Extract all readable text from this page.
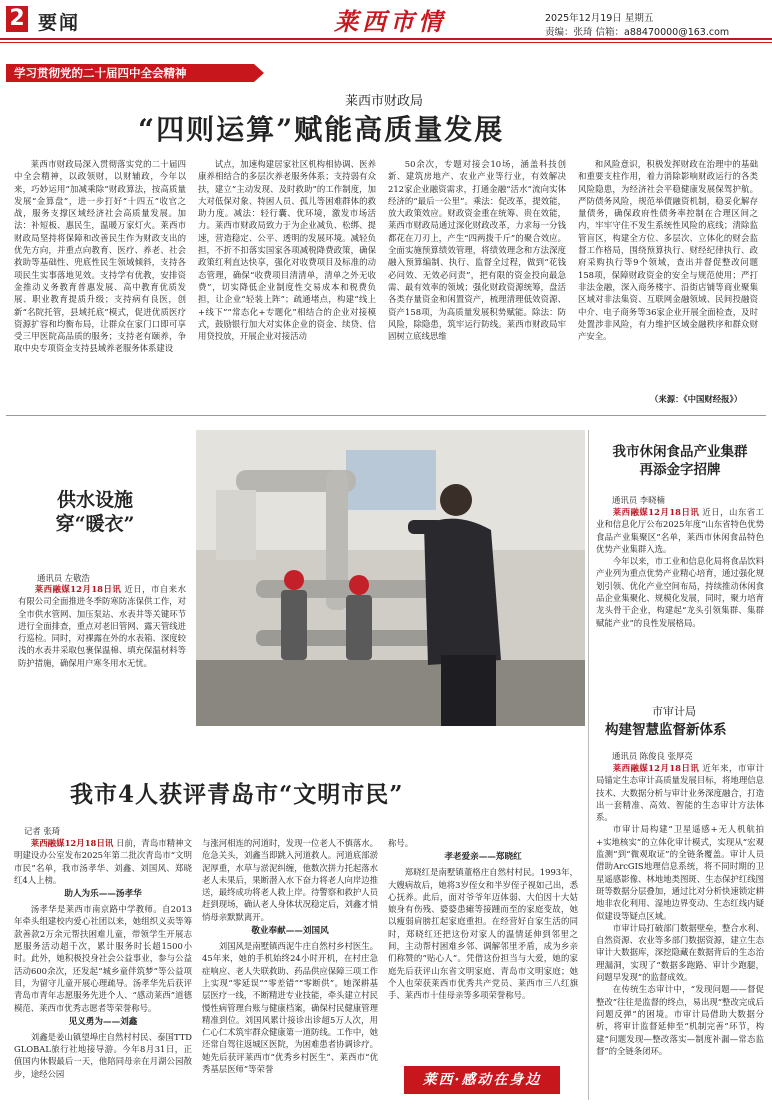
2 要闻	莱西市情	2025年12月19日 星期五
责编：张琦 信箱：a88470000@163.com
学习贯彻党的二十届四中全会精神
莱西市财政局
“四则运算”赋能高质量发展

莱西市财政局深入贯彻落实党的二十届四中全会精神，以政领财，以财辅政，今年以来，巧妙运用“加减乘除”财政算法，按高质量发展“金算盘”，进一步打好“十四五”收官之战，服务支撑区域经济社会高质量发展。加法：补短板、惠民生，温暖万家灯火。莱西市财政局坚持将保障和改善民生作为财政支出的优先方向，并重点向教育、医疗、养老、社会救助等基础性、兜底性民生领域倾斜，支持各项民生实事落地见效。支持学有优教，安排资金推动义务教育普惠发展、高中教育优质发展、职业教育提质升级；支持病有良医，创新“名院托管，县域托底”模式，促进优质医疗资源扩容和均衡布局，让群众在家门口即可享受三甲医院高品质的服务；支持老有颐养，争取中央专项资金支持县域养老服务体系建设

试点，加速构建居家社区机构相协调、医养康养相结合的多层次养老服务体系；支持弱有众扶，建立“主动发现、及时救助”的工作制度，加大对低保对象、特困人员、孤儿等困难群体的救助力度。减法：轻行囊、优环境，激发市场活力。莱西市财政局致力于为企业减负、松绑、提速，营造稳定、公平、透明的发展环境。减轻负担，不折不扣落实国家各项减税降费政策，确保政策红利直达快享，强化对收费项目及标准的动态管理，确保“收费项目清清单，清单之外无收费”，切实降低企业制度性交易成本和税费负担，让企业“轻装上阵”；疏通堵点，构建“线上+线下”“常态化+专题化”相结合的企业对接模式，鼓励银行加大对实体企业的资金、续贷、信用贷投放，开展企业对接活动

50余次，专题对接会10场，涵盖科技创新、建筑房地产、农业产业等行业，有效解决212家企业融资需求，打通金融“活水”流向实体经济的“最后一公里”。乘法：促改革，提效能，放大政策效应。财政资金重在统筹、贵在效能，莱西市财政局通过深化财政改革，力求每一分钱都花在刀刃上，产生“四两拨千斤”的聚合效应。全面实施预算绩效管理，将绩效理念和方法深度融入预算编制、执行、监督全过程，做到“花钱必问效、无效必问责”，把有限的资金投向最急需、最有效率的领域；强化财政资源统筹，盘活各类存量资金和闲置资产，梳理清理低效资源、资产158项，为高质量发展积势赋能。除法：防风险，除隐患，筑牢运行防线。莱西市财政局牢固树立底线思维

和风险意识，积极发挥财政在治理中的基础和重要支柱作用，着力消除影响财政运行的各类风险隐患，为经济社会平稳健康发展保驾护航。严防债务风险，规范举债融资机制，稳妥化解存量债务，确保政府性债务率控制在合理区间之内，牢牢守住不发生系统性风险的底线；清除监管盲区，构建全方位、多层次、立体化的财会监督工作格局，围绕预算执行、财经纪律执行、政府采购执行等9个领域，查出并督促整改问题158项，保障财政资金的安全与规范使用；严打非法金融，深入商务楼宇、沿街店铺等商业聚集区域对非法集资、互联网金融领域、民间投融资中介、电子商务等36家企业开展全面检查，及时处置涉非风险，有力维护区域金融秩序和群众财产安全。

（来源：《中国财经报》）
供水设施
穿“暖衣”
通讯员 左敬浩

莱西融媒12月18日讯 近日，市自来水有限公司全面推进冬季防寒防冻保供工作，对全市供水管网、加压泵站、水表井等关键环节进行全面排查，重点对老旧管网、露天管线进行巡检。同时，对裸露在外的水表箱、深度较浅的水表井采取包裹保温棉、填充保温材料等防护措施，确保用户寒冬用水无忧。

我市休闲食品产业集群
再添金字招牌
通讯员 李晓楠

莱西融媒12月18日讯 近日，山东省工业和信息化厅公布2025年度“山东省特色优势食品产业集聚区”名单，莱西市休闲食品特色优势产业集群入选。

今年以来，市工业和信息化局将食品饮料产业列为重点优势产业精心培育，通过强化规划引领、优化产业空间布局，持续推动休闲食品企业集聚化、规模化发展，同时，聚力培育龙头骨干企业，构建起“龙头引领集群、集群赋能产业”的良性发展格局。

市审计局
构建智慧监督新体系
通讯员 陈俊良 张厚亮

莱西融媒12月18日讯 近年来，市审计局锚定生态审计高质量发展目标，将地理信息技术、大数据分析与审计业务深度融合，打造出一套精准、高效、智能的生态审计方法体系。

市审计局构建“卫星遥感+无人机航拍+实地核实”的立体化审计模式，实现从“宏观监测”到“微观取证”的全链条覆盖。审计人员借助ArcGIS地理信息系统，将不同时期的卫星遥感影像、林地地类图斑、生态保护红线图斑等数据分层叠加，通过比对分析快速锁定耕地非农化利用、湿地边界变动、生态红线内疑似建设等疑点区域。

市审计局打破部门数据壁垒，整合水利、自然资源、农业等多部门数据资源，建立生态审计大数据库，深挖隐藏在数据背后的生态治理漏洞，实现了“数据多跑路、审计少跑腿，问题早发现”的监督成效。

在传统生态审计中，“发现问题——督促整改”往往是监督的终点，易出现“整改完成后问题反弹”的困境。市审计局借助大数据分析，将审计监督延伸至“机制完善”环节，构建“问题发现—整改落实—制度补漏—常态监督”的全链条闭环。

我市4人获评青岛市“文明市民”
记者 张琦

莱西融媒12月18日讯 日前，青岛市精神文明建设办公室发布2025年第二批次青岛市“文明市民”名单，我市汤孝华、刘鑫、刘国风、郑晓红4人上榜。

助人为乐——汤孝华

汤孝华是莱西市南京路中学教师。自2013年牵头组建校内爱心社团以来，她组织义卖等筹款善款2万余元帮扶困难儿童，带领学生开展志愿服务活动超千次，累计服务时长超1500小时。此外，她积极投身社会公益事业，参与公益活动600余次，还发起“城乡童伴筑梦”等公益项目，为留守儿童开展心理疏导。汤孝华先后获评青岛市青年志愿服务先进个人、“感动莱西”道德模范、莱西市优秀志愿者等荣誉称号。

见义勇为——刘鑫

刘鑫是姜山镇望埠庄自然村村民、泰国TTD GLOBAL旅行社地接导游。今年8月31日，正值国内休假最后一天，他陪同母亲在月湖公园散步，途经公园

与涨河相连的河道时，发现一位老人不慎落水。危急关头，刘鑫当即跳入河道救人。河道底部淤泥厚重，水草与淤泥纠缠，他数次拼力托起落水老人未果后，果断潜入水下奋力将老人向岸边推送，最终成功将老人救上岸。待警察和救护人员赶到现场，确认老人身体状况稳定后，刘鑫才悄悄母亲默默离开。

敬业奉献——刘国风

刘国风是南墅镇西泥牛庄自然村乡村医生。45年来，她的手机始终24小时开机，在村庄急症响应、老人失联救助、药品供应保障三项工作上实现“零延误”“零差错”“零断供”。她深耕基层医疗一线，不断精进专业技能，牵头建立村民慢性病管理台账与健康档案，确保村民健康管理精准到位。刘国风累计接诊出诊超5万人次，用仁心仁术筑牢群众健康第一道防线。工作中，她还常自驾往返城区医院，为困难患者协调诊疗。她先后获评莱西市“优秀乡村医生”、莱西市“优秀基层医师”等荣誉

称号。

孝老爱亲——郑晓红

郑晓红是南墅镇董格庄自然村村民。1993年，大嫂病故后，她将3岁侄女和半岁侄子视如己出，悉心抚养。此后，面对爷爷年迈体弱、大伯因十大姑娘身有伤残、婆婆患瘫等接踵而至的家庭变故，她以瘦弱肩膀扛起家庭重担。在经营好自家生活的同时，郑晓红还把这份对家人的温情延伸到邻里之间，主动帮村困难乡邻、调解邻里矛盾，成为乡亲们称赞的“贴心人”。凭借这份担当与大爱，她的家庭先后获评山东省文明家庭、青岛市文明家庭；她个人也荣获莱西市优秀共产党员、莱西市三八红旗手、莱西市十佳母亲等多项荣誉称号。

莱西·感动在身边
